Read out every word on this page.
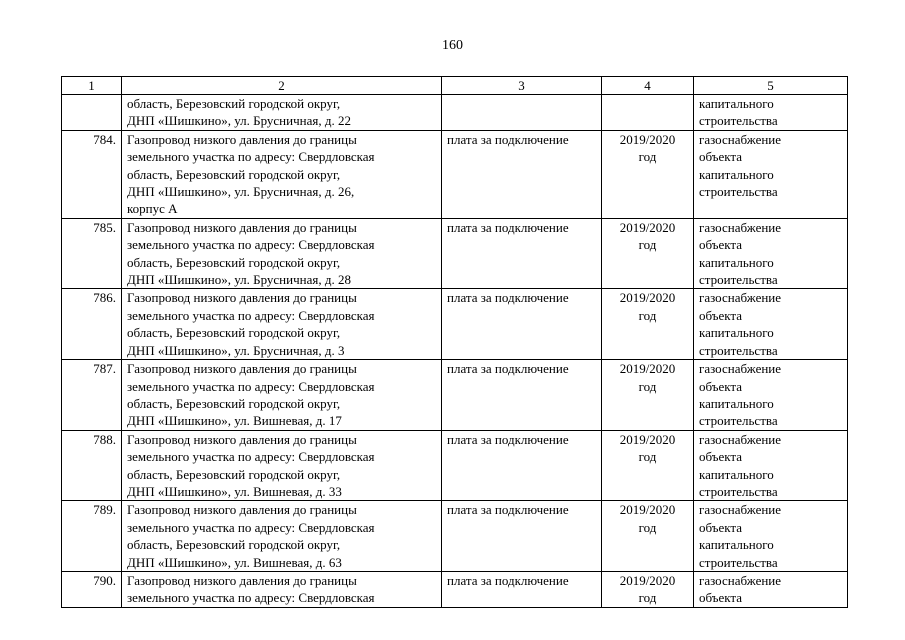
160
1	2	3	4	5

	область, Березовский городской округ,
ДНП «Шишкино», ул. Брусничная, д. 22			капитального
строительства

784.	Газопровод низкого давления до границы
земельного участка по адресу: Свердловская
область, Березовский городской округ,
ДНП «Шишкино», ул. Брусничная, д. 26,
корпус А	плата за подключение	2019/2020
год	газоснабжение
объекта
капитального
строительства

785.	Газопровод низкого давления до границы
земельного участка по адресу: Свердловская
область, Березовский городской округ,
ДНП «Шишкино», ул. Брусничная, д. 28	плата за подключение	2019/2020
год	газоснабжение
объекта
капитального
строительства

786.	Газопровод низкого давления до границы
земельного участка по адресу: Свердловская
область, Березовский городской округ,
ДНП «Шишкино», ул. Брусничная, д. 3	плата за подключение	2019/2020
год	газоснабжение
объекта
капитального
строительства

787.	Газопровод низкого давления до границы
земельного участка по адресу: Свердловская
область, Березовский городской округ,
ДНП «Шишкино», ул. Вишневая, д. 17	плата за подключение	2019/2020
год	газоснабжение
объекта
капитального
строительства

788.	Газопровод низкого давления до границы
земельного участка по адресу: Свердловская
область, Березовский городской округ,
ДНП «Шишкино», ул. Вишневая, д. 33	плата за подключение	2019/2020
год	газоснабжение
объекта
капитального
строительства

789.	Газопровод низкого давления до границы
земельного участка по адресу: Свердловская
область, Березовский городской округ,
ДНП «Шишкино», ул. Вишневая, д. 63	плата за подключение	2019/2020
год	газоснабжение
объекта
капитального
строительства

790.	Газопровод низкого давления до границы
земельного участка по адресу: Свердловская	плата за подключение	2019/2020
год	газоснабжение
объекта
